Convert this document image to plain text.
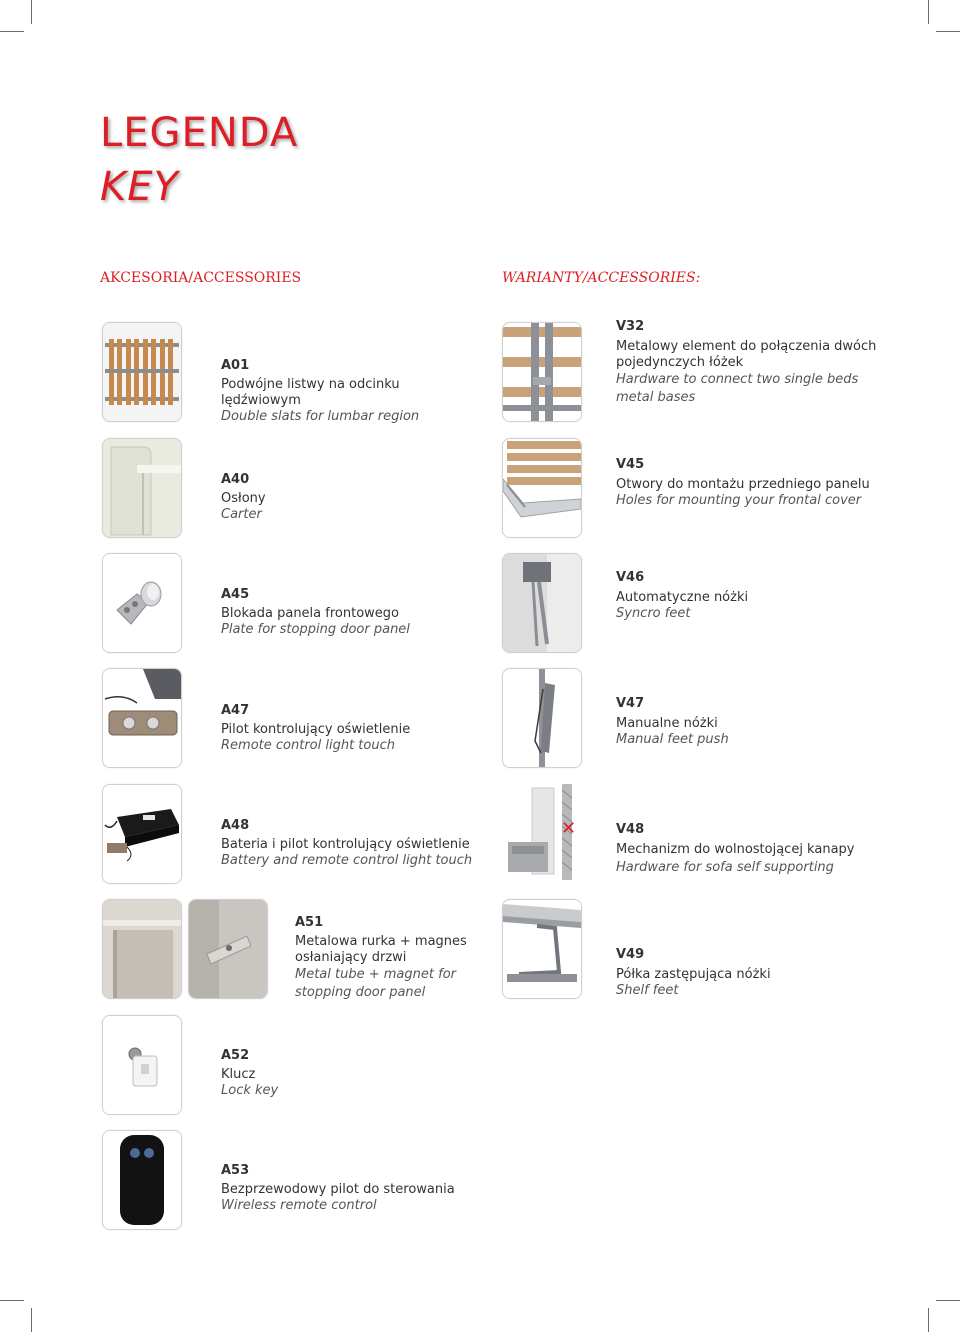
LEGENDA
KEY
AKCESORIA/ACCESSORIES	WARIANTY/ACCESSORIES:
A01
Podwójne listwy na odcinku lędźwiowym
Double slats for lumbar region
A40
Osłony
Carter
A45
Blokada panela frontowego
Plate for stopping door panel
A47
Pilot kontrolujący oświetlenie
Remote control light touch
A48
Bateria i pilot kontrolujący oświetlenie
Battery and remote control light touch
A51
Metalowa rurka + magnes osłaniający drzwi
Metal tube + magnet for stopping door panel
A52
Klucz
Lock key
A53
Bezprzewodowy pilot do sterowania
Wireless remote control
V32
Metalowy element do połączenia dwóch pojedynczych łóżek
Hardware to connect two single beds metal bases
V45
Otwory do montażu przedniego panelu
Holes for mounting your frontal cover
V46
Automatyczne nóżki
Syncro feet
V47
Manualne nóżki
Manual feet push
✕	V48
Mechanizm do wolnostojącej kanapy
Hardware for sofa self supporting
V49
Półka zastępująca nóżki
Shelf feet
